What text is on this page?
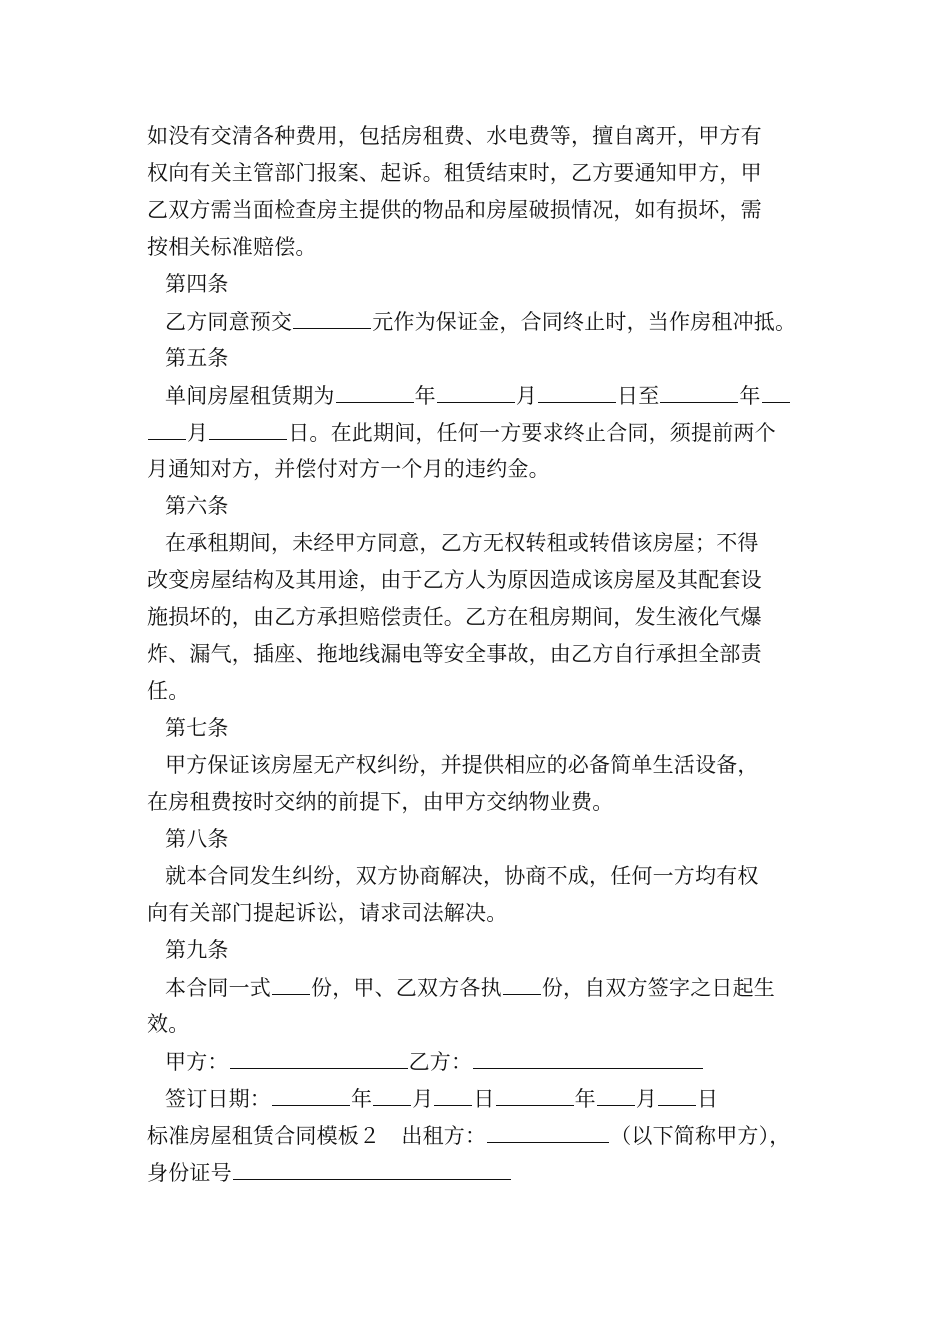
如没有交清各种费用，包括房租费、水电费等，擅自离开，甲方有
权向有关主管部门报案、起诉。租赁结束时，乙方要通知甲方，甲
乙双方需当面检查房主提供的物品和房屋破损情况，如有损坏，需
按相关标准赔偿。
第四条
乙方同意预交	元作为保证金，合同终止时，当作房租冲抵。
第五条
单间房屋租赁期为	年	月	日至	年
月	日。在此期间，任何一方要求终止合同，须提前两个
月通知对方，并偿付对方一个月的违约金。
第六条
在承租期间，未经甲方同意，乙方无权转租或转借该房屋；不得
改变房屋结构及其用途，由于乙方人为原因造成该房屋及其配套设
施损坏的，由乙方承担赔偿责任。乙方在租房期间，发生液化气爆
炸、漏气，插座、拖地线漏电等安全事故，由乙方自行承担全部责
任。
第七条
甲方保证该房屋无产权纠纷，并提供相应的必备简单生活设备，
在房租费按时交纳的前提下，由甲方交纳物业费。
第八条
就本合同发生纠纷，双方协商解决，协商不成，任何一方均有权
向有关部门提起诉讼，请求司法解决。
第九条
本合同一式 份，甲、乙双方各执 份，自双方签字之日起生
效。
甲方：	乙方：
签订日期：	年 月 日	年 月 日
标准房屋租赁合同模板２　出租方：	（以下简称甲方），
身份证号
